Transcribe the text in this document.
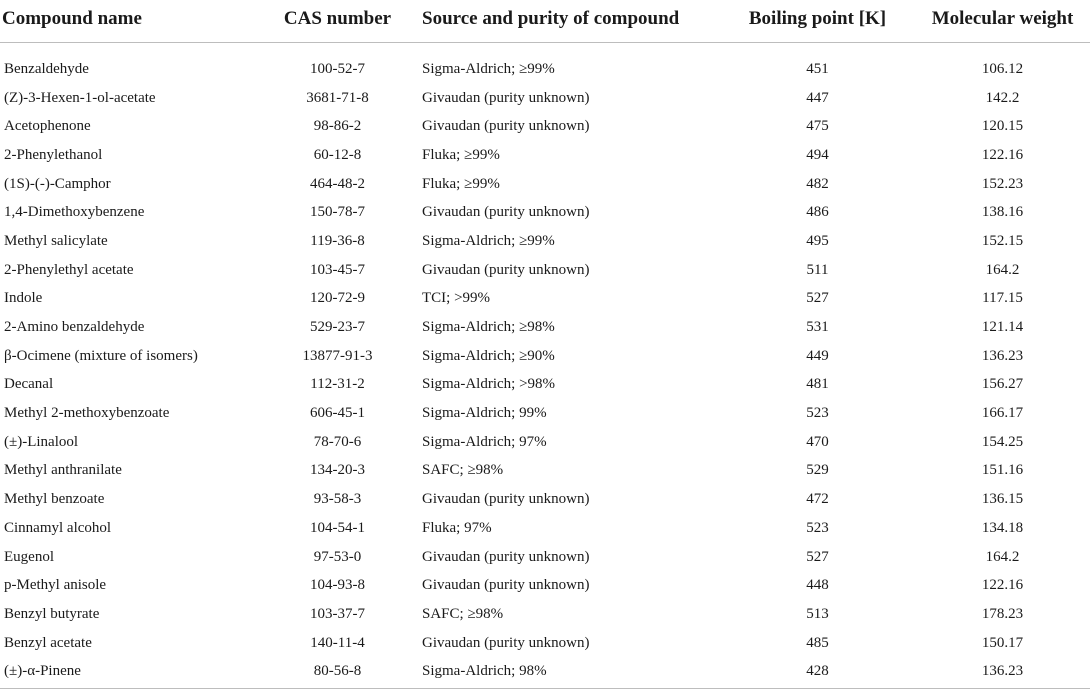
Compound name	CAS number	Source and purity of compound	Boiling point [K]	Molecular weight
Benzaldehyde	100-52-7	Sigma-Aldrich; ≥99%	451	106.12
(Z)-3-Hexen-1-ol-acetate	3681-71-8	Givaudan (purity unknown)	447	142.2
Acetophenone	98-86-2	Givaudan (purity unknown)	475	120.15
2-Phenylethanol	60-12-8	Fluka; ≥99%	494	122.16
(1S)-(-)-Camphor	464-48-2	Fluka; ≥99%	482	152.23
1,4-Dimethoxybenzene	150-78-7	Givaudan (purity unknown)	486	138.16
Methyl salicylate	119-36-8	Sigma-Aldrich; ≥99%	495	152.15
2-Phenylethyl acetate	103-45-7	Givaudan (purity unknown)	511	164.2
Indole	120-72-9	TCI; >99%	527	117.15
2-Amino benzaldehyde	529-23-7	Sigma-Aldrich; ≥98%	531	121.14
β-Ocimene (mixture of isomers)	13877-91-3	Sigma-Aldrich; ≥90%	449	136.23
Decanal	112-31-2	Sigma-Aldrich; >98%	481	156.27
Methyl 2-methoxybenzoate	606-45-1	Sigma-Aldrich; 99%	523	166.17
(±)-Linalool	78-70-6	Sigma-Aldrich; 97%	470	154.25
Methyl anthranilate	134-20-3	SAFC; ≥98%	529	151.16
Methyl benzoate	93-58-3	Givaudan (purity unknown)	472	136.15
Cinnamyl alcohol	104-54-1	Fluka; 97%	523	134.18
Eugenol	97-53-0	Givaudan (purity unknown)	527	164.2
p-Methyl anisole	104-93-8	Givaudan (purity unknown)	448	122.16
Benzyl butyrate	103-37-7	SAFC; ≥98%	513	178.23
Benzyl acetate	140-11-4	Givaudan (purity unknown)	485	150.17
(±)-α-Pinene	80-56-8	Sigma-Aldrich; 98%	428	136.23
